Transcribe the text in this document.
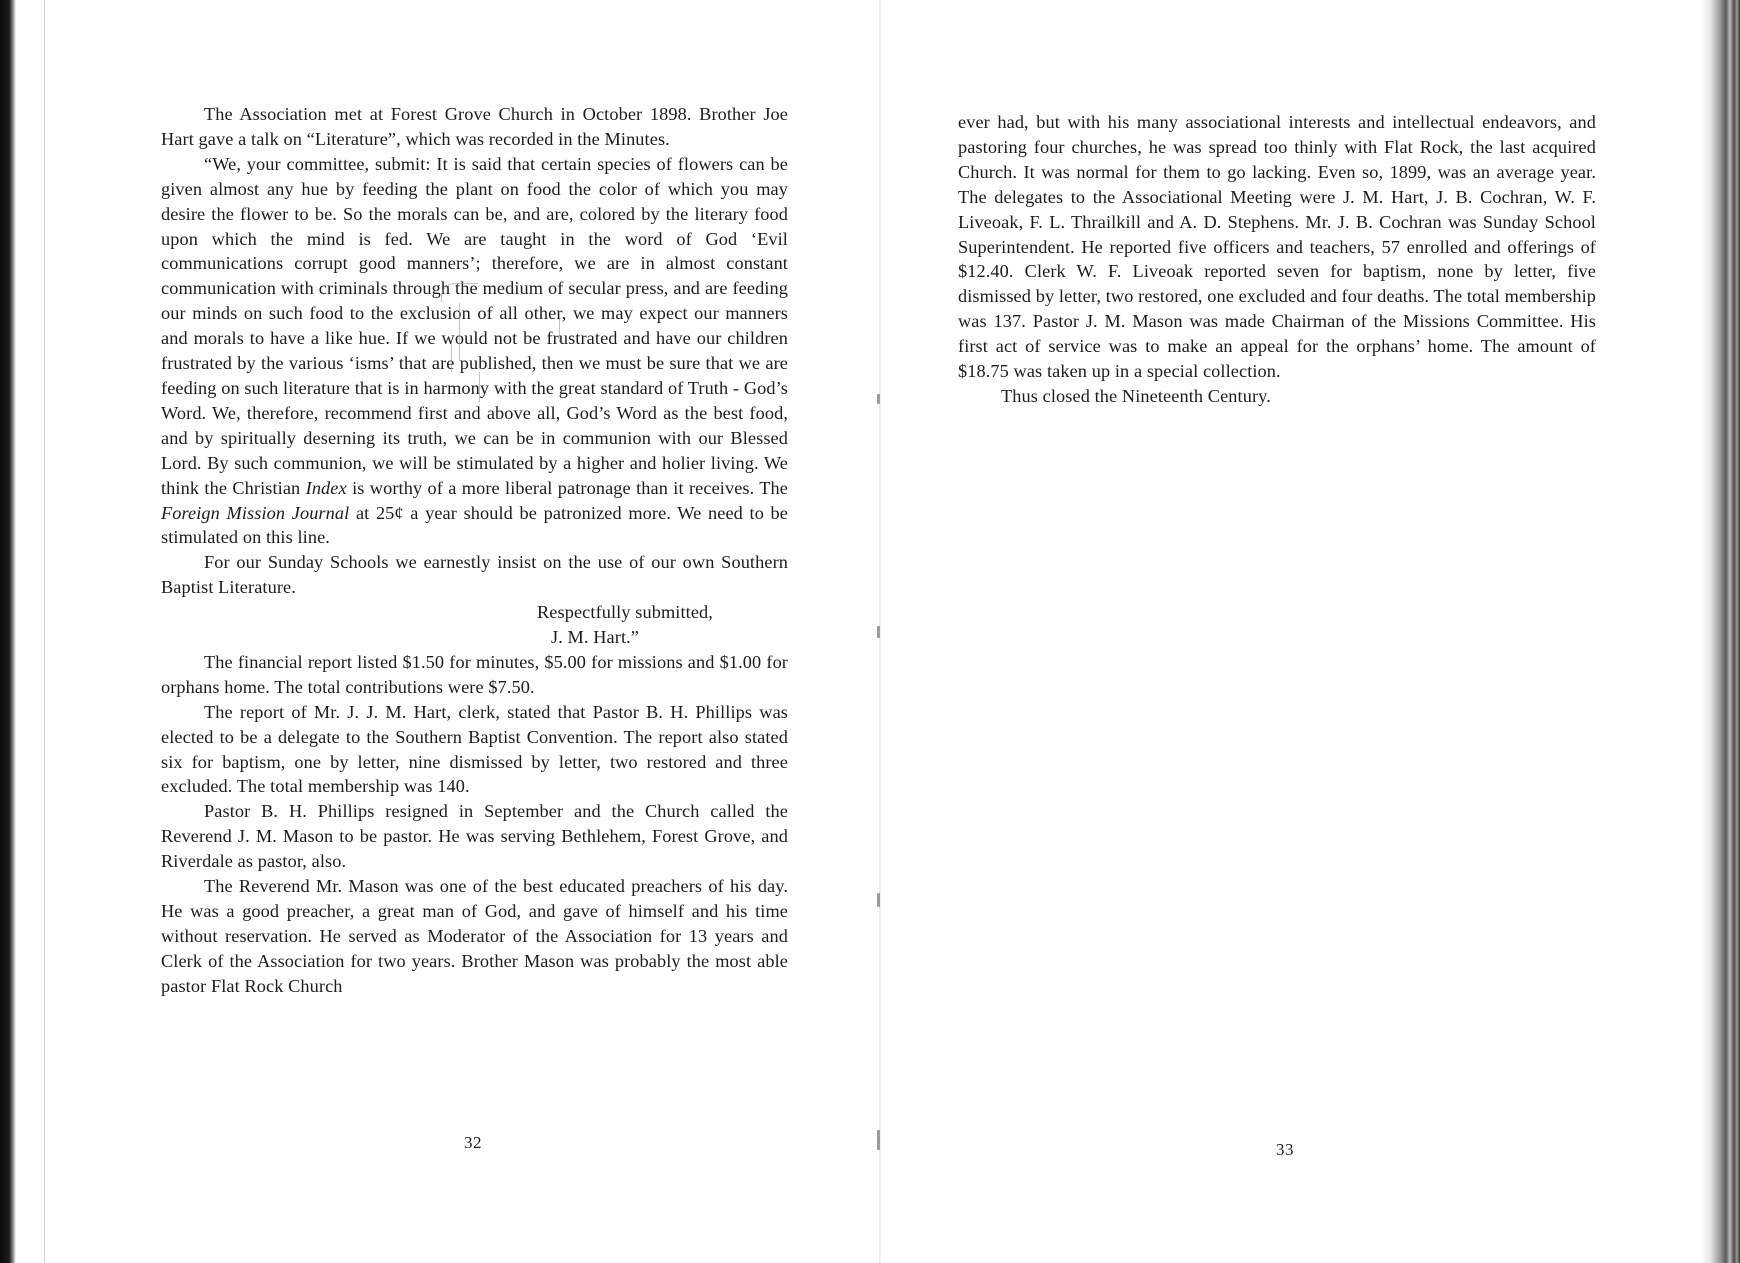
The Association met at Forest Grove Church in October 1898. Brother Joe Hart gave a talk on “Literature”, which was recorded in the Minutes.

“We, your committee, submit: It is said that certain species of flowers can be given almost any hue by feeding the plant on food the color of which you may desire the flower to be. So the morals can be, and are, colored by the literary food upon which the mind is fed. We are taught in the word of God ‘Evil communications corrupt good manners’; therefore, we are in almost constant communication with criminals through the medium of secular press, and are feeding our minds on such food to the exclusion of all other, we may expect our manners and morals to have a like hue. If we would not be frustrated and have our children frustrated by the various ‘isms’ that are published, then we must be sure that we are feeding on such literature that is in harmony with the great standard of Truth - God’s Word. We, therefore, recommend first and above all, God’s Word as the best food, and by spiritually deserning its truth, we can be in communion with our Blessed Lord. By such communion, we will be stimulated by a higher and holier living. We think the Christian Index is worthy of a more liberal patronage than it receives. The Foreign Mission Journal at 25¢ a year should be patronized more. We need to be stimulated on this line.

For our Sunday Schools we earnestly insist on the use of our own Southern Baptist Literature.

Respectfully submitted,
J. M. Hart.”

The financial report listed $1.50 for minutes, $5.00 for missions and $1.00 for orphans home. The total contributions were $7.50.

The report of Mr. J. J. M. Hart, clerk, stated that Pastor B. H. Phillips was elected to be a delegate to the Southern Baptist Convention. The report also stated six for baptism, one by letter, nine dismissed by letter, two restored and three excluded. The total membership was 140.

Pastor B. H. Phillips resigned in September and the Church called the Reverend J. M. Mason to be pastor. He was serving Bethlehem, Forest Grove, and Riverdale as pastor, also.

The Reverend Mr. Mason was one of the best educated preachers of his day. He was a good preacher, a great man of God, and gave of himself and his time without reservation. He served as Moderator of the Association for 13 years and Clerk of the Association for two years. Brother Mason was probably the most able pastor Flat Rock Church

32

ever had, but with his many associational interests and intellectual endeavors, and pastoring four churches, he was spread too thinly with Flat Rock, the last acquired Church. It was normal for them to go lacking. Even so, 1899, was an average year. The delegates to the Associational Meeting were J. M. Hart, J. B. Cochran, W. F. Liveoak, F. L. Thrailkill and A. D. Stephens. Mr. J. B. Cochran was Sunday School Superintendent. He reported five officers and teachers, 57 enrolled and offerings of $12.40. Clerk W. F. Liveoak reported seven for baptism, none by letter, five dismissed by letter, two restored, one excluded and four deaths. The total membership was 137. Pastor J. M. Mason was made Chairman of the Missions Committee. His first act of service was to make an appeal for the orphans’ home. The amount of $18.75 was taken up in a special collection.

Thus closed the Nineteenth Century.

33
